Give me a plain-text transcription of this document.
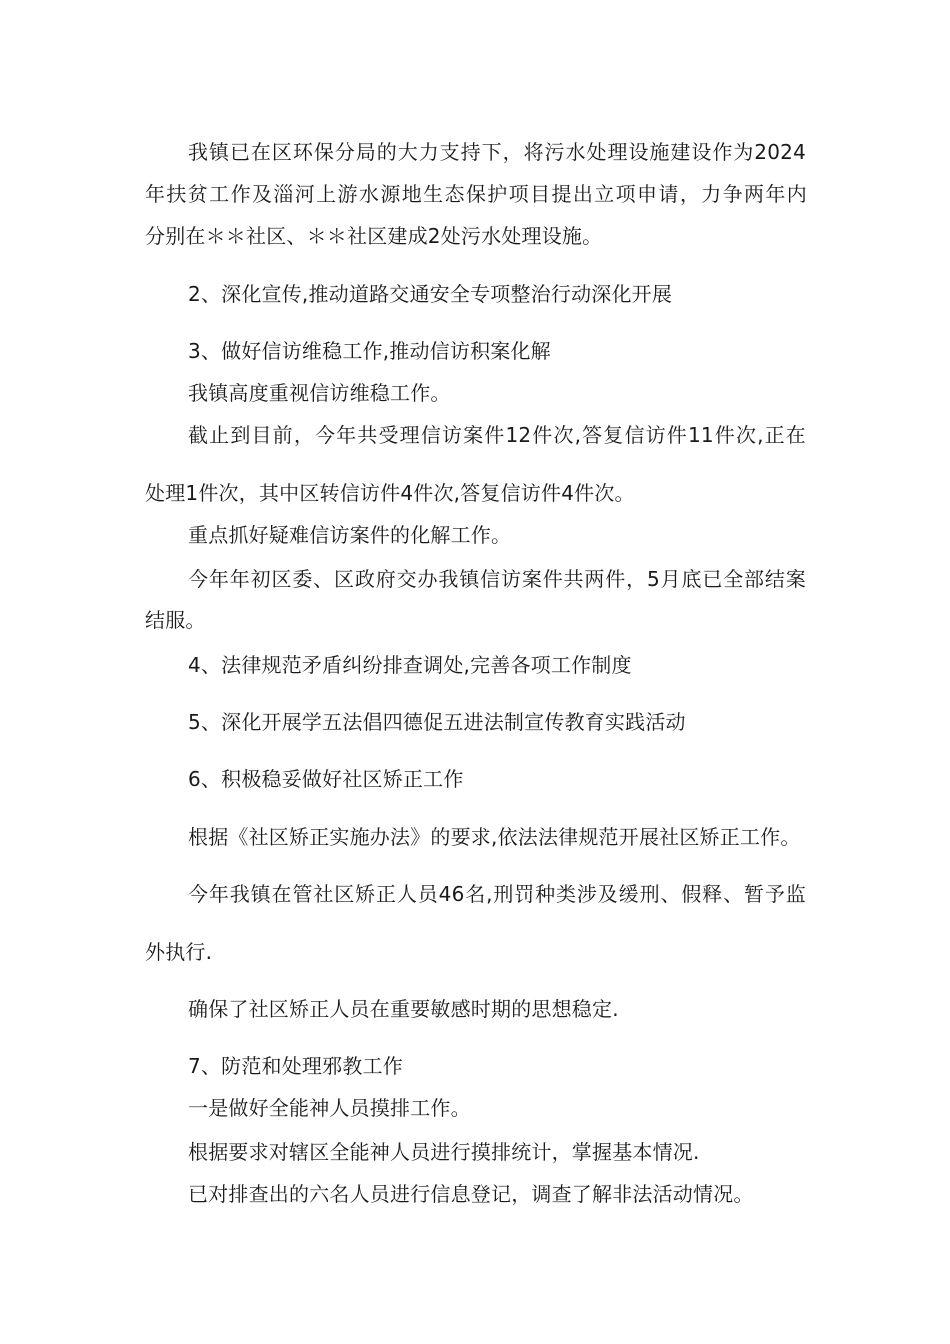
我镇已在区环保分局的大力支持下，将污水处理设施建设作为2024
年扶贫工作及淄河上游水源地生态保护项目提出立项申请，力争两年内
分别在＊＊社区、＊＊社区建成2处污水处理设施。
2、深化宣传,推动道路交通安全专项整治行动深化开展
3、做好信访维稳工作,推动信访积案化解
我镇高度重视信访维稳工作。
截止到目前，今年共受理信访案件12件次,答复信访件11件次,正在
处理1件次，其中区转信访件4件次,答复信访件4件次。
重点抓好疑难信访案件的化解工作。
今年年初区委、区政府交办我镇信访案件共两件，5月底已全部结案
结服。
4、法律规范矛盾纠纷排查调处,完善各项工作制度
5、深化开展学五法倡四德促五进法制宣传教育实践活动
6、积极稳妥做好社区矫正工作
根据《社区矫正实施办法》的要求,依法法律规范开展社区矫正工作。
今年我镇在管社区矫正人员46名,刑罚种类涉及缓刑、假释、暂予监
外执行.
确保了社区矫正人员在重要敏感时期的思想稳定.
7、防范和处理邪教工作
一是做好全能神人员摸排工作。
根据要求对辖区全能神人员进行摸排统计，掌握基本情况.
已对排查出的六名人员进行信息登记，调查了解非法活动情况。
